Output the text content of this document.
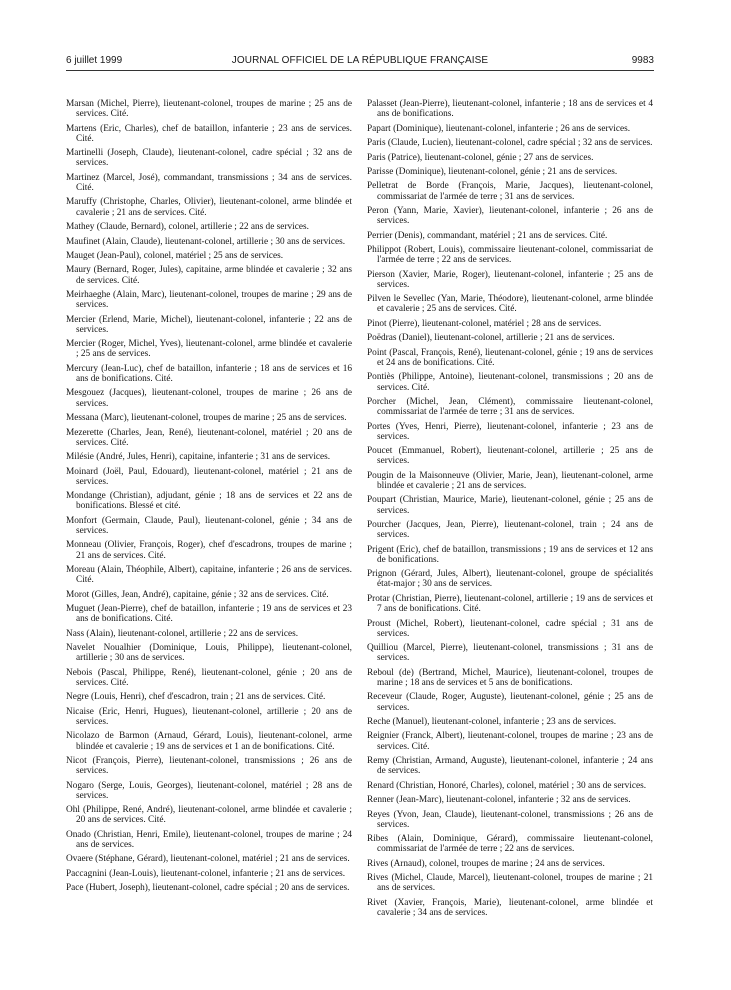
6 juillet 1999	JOURNAL OFFICIEL DE LA RÉPUBLIQUE FRANÇAISE	9983

Marsan (Michel, Pierre), lieutenant-colonel, troupes de marine ; 25 ans de services. Cité.

Martens (Eric, Charles), chef de bataillon, infanterie ; 23 ans de services. Cité.

Martinelli (Joseph, Claude), lieutenant-colonel, cadre spécial ; 32 ans de services.

Martinez (Marcel, José), commandant, transmissions ; 34 ans de services. Cité.

Maruffy (Christophe, Charles, Olivier), lieutenant-colonel, arme blindée et cavalerie ; 21 ans de services. Cité.

Mathey (Claude, Bernard), colonel, artillerie ; 22 ans de services.

Maufinet (Alain, Claude), lieutenant-colonel, artillerie ; 30 ans de services.

Mauget (Jean-Paul), colonel, matériel ; 25 ans de services.

Maury (Bernard, Roger, Jules), capitaine, arme blindée et cavalerie ; 32 ans de services. Cité.

Meirhaeghe (Alain, Marc), lieutenant-colonel, troupes de marine ; 29 ans de services.

Mercier (Erlend, Marie, Michel), lieutenant-colonel, infanterie ; 22 ans de services.

Mercier (Roger, Michel, Yves), lieutenant-colonel, arme blindée et cavalerie ; 25 ans de services.

Mercury (Jean-Luc), chef de bataillon, infanterie ; 18 ans de services et 16 ans de bonifications. Cité.

Mesgouez (Jacques), lieutenant-colonel, troupes de marine ; 26 ans de services.

Messana (Marc), lieutenant-colonel, troupes de marine ; 25 ans de services.

Mezerette (Charles, Jean, René), lieutenant-colonel, matériel ; 20 ans de services. Cité.

Milésie (André, Jules, Henri), capitaine, infanterie ; 31 ans de services.

Moinard (Joël, Paul, Edouard), lieutenant-colonel, matériel ; 21 ans de services.

Mondange (Christian), adjudant, génie ; 18 ans de services et 22 ans de bonifications. Blessé et cité.

Monfort (Germain, Claude, Paul), lieutenant-colonel, génie ; 34 ans de services.

Monneau (Olivier, François, Roger), chef d'escadrons, troupes de marine ; 21 ans de services. Cité.

Moreau (Alain, Théophile, Albert), capitaine, infanterie ; 26 ans de services. Cité.

Morot (Gilles, Jean, André), capitaine, génie ; 32 ans de services. Cité.

Muguet (Jean-Pierre), chef de bataillon, infanterie ; 19 ans de services et 23 ans de bonifications. Cité.

Nass (Alain), lieutenant-colonel, artillerie ; 22 ans de services.

Navelet Noualhier (Dominique, Louis, Philippe), lieutenant-colonel, artillerie ; 30 ans de services.

Nebois (Pascal, Philippe, René), lieutenant-colonel, génie ; 20 ans de services. Cité.

Negre (Louis, Henri), chef d'escadron, train ; 21 ans de services. Cité.

Nicaise (Eric, Henri, Hugues), lieutenant-colonel, artillerie ; 20 ans de services.

Nicolazo de Barmon (Arnaud, Gérard, Louis), lieutenant-colonel, arme blindée et cavalerie ; 19 ans de services et 1 an de bonifications. Cité.

Nicot (François, Pierre), lieutenant-colonel, transmissions ; 26 ans de services.

Nogaro (Serge, Louis, Georges), lieutenant-colonel, matériel ; 28 ans de services.

Ohl (Philippe, René, André), lieutenant-colonel, arme blindée et cavalerie ; 20 ans de services. Cité.

Onado (Christian, Henri, Emile), lieutenant-colonel, troupes de marine ; 24 ans de services.

Ovaere (Stéphane, Gérard), lieutenant-colonel, matériel ; 21 ans de services.

Paccagnini (Jean-Louis), lieutenant-colonel, infanterie ; 21 ans de services.

Pace (Hubert, Joseph), lieutenant-colonel, cadre spécial ; 20 ans de services.

Palasset (Jean-Pierre), lieutenant-colonel, infanterie ; 18 ans de services et 4 ans de bonifications.

Papart (Dominique), lieutenant-colonel, infanterie ; 26 ans de services.

Paris (Claude, Lucien), lieutenant-colonel, cadre spécial ; 32 ans de services.

Paris (Patrice), lieutenant-colonel, génie ; 27 ans de services.

Parisse (Dominique), lieutenant-colonel, génie ; 21 ans de services.

Pelletrat de Borde (François, Marie, Jacques), lieutenant-colonel, commissariat de l'armée de terre ; 31 ans de services.

Peron (Yann, Marie, Xavier), lieutenant-colonel, infanterie ; 26 ans de services.

Perrier (Denis), commandant, matériel ; 21 ans de services. Cité.

Philippot (Robert, Louis), commissaire lieutenant-colonel, commissariat de l'armée de terre ; 22 ans de services.

Pierson (Xavier, Marie, Roger), lieutenant-colonel, infanterie ; 25 ans de services.

Pilven le Sevellec (Yan, Marie, Théodore), lieutenant-colonel, arme blindée et cavalerie ; 25 ans de services. Cité.

Pinot (Pierre), lieutenant-colonel, matériel ; 28 ans de services.

Poëdras (Daniel), lieutenant-colonel, artillerie ; 21 ans de services.

Point (Pascal, François, René), lieutenant-colonel, génie ; 19 ans de services et 24 ans de bonifications. Cité.

Pontiès (Philippe, Antoine), lieutenant-colonel, transmissions ; 20 ans de services. Cité.

Porcher (Michel, Jean, Clément), commissaire lieutenant-colonel, commissariat de l'armée de terre ; 31 ans de services.

Portes (Yves, Henri, Pierre), lieutenant-colonel, infanterie ; 23 ans de services.

Poucet (Emmanuel, Robert), lieutenant-colonel, artillerie ; 25 ans de services.

Pougin de la Maisonneuve (Olivier, Marie, Jean), lieutenant-colonel, arme blindée et cavalerie ; 21 ans de services.

Poupart (Christian, Maurice, Marie), lieutenant-colonel, génie ; 25 ans de services.

Pourcher (Jacques, Jean, Pierre), lieutenant-colonel, train ; 24 ans de services.

Prigent (Eric), chef de bataillon, transmissions ; 19 ans de services et 12 ans de bonifications.

Prignon (Gérard, Jules, Albert), lieutenant-colonel, groupe de spécialités état-major ; 30 ans de services.

Protar (Christian, Pierre), lieutenant-colonel, artillerie ; 19 ans de services et 7 ans de bonifications. Cité.

Proust (Michel, Robert), lieutenant-colonel, cadre spécial ; 31 ans de services.

Quilliou (Marcel, Pierre), lieutenant-colonel, transmissions ; 31 ans de services.

Reboul (de) (Bertrand, Michel, Maurice), lieutenant-colonel, troupes de marine ; 18 ans de services et 5 ans de bonifications.

Receveur (Claude, Roger, Auguste), lieutenant-colonel, génie ; 25 ans de services.

Reche (Manuel), lieutenant-colonel, infanterie ; 23 ans de services.

Reignier (Franck, Albert), lieutenant-colonel, troupes de marine ; 23 ans de services. Cité.

Remy (Christian, Armand, Auguste), lieutenant-colonel, infanterie ; 24 ans de services.

Renard (Christian, Honoré, Charles), colonel, matériel ; 30 ans de services.

Renner (Jean-Marc), lieutenant-colonel, infanterie ; 32 ans de services.

Reyes (Yvon, Jean, Claude), lieutenant-colonel, transmissions ; 26 ans de services.

Ribes (Alain, Dominique, Gérard), commissaire lieutenant-colonel, commissariat de l'armée de terre ; 22 ans de services.

Rives (Arnaud), colonel, troupes de marine ; 24 ans de services.

Rives (Michel, Claude, Marcel), lieutenant-colonel, troupes de marine ; 21 ans de services.

Rivet (Xavier, François, Marie), lieutenant-colonel, arme blindée et cavalerie ; 34 ans de services.
